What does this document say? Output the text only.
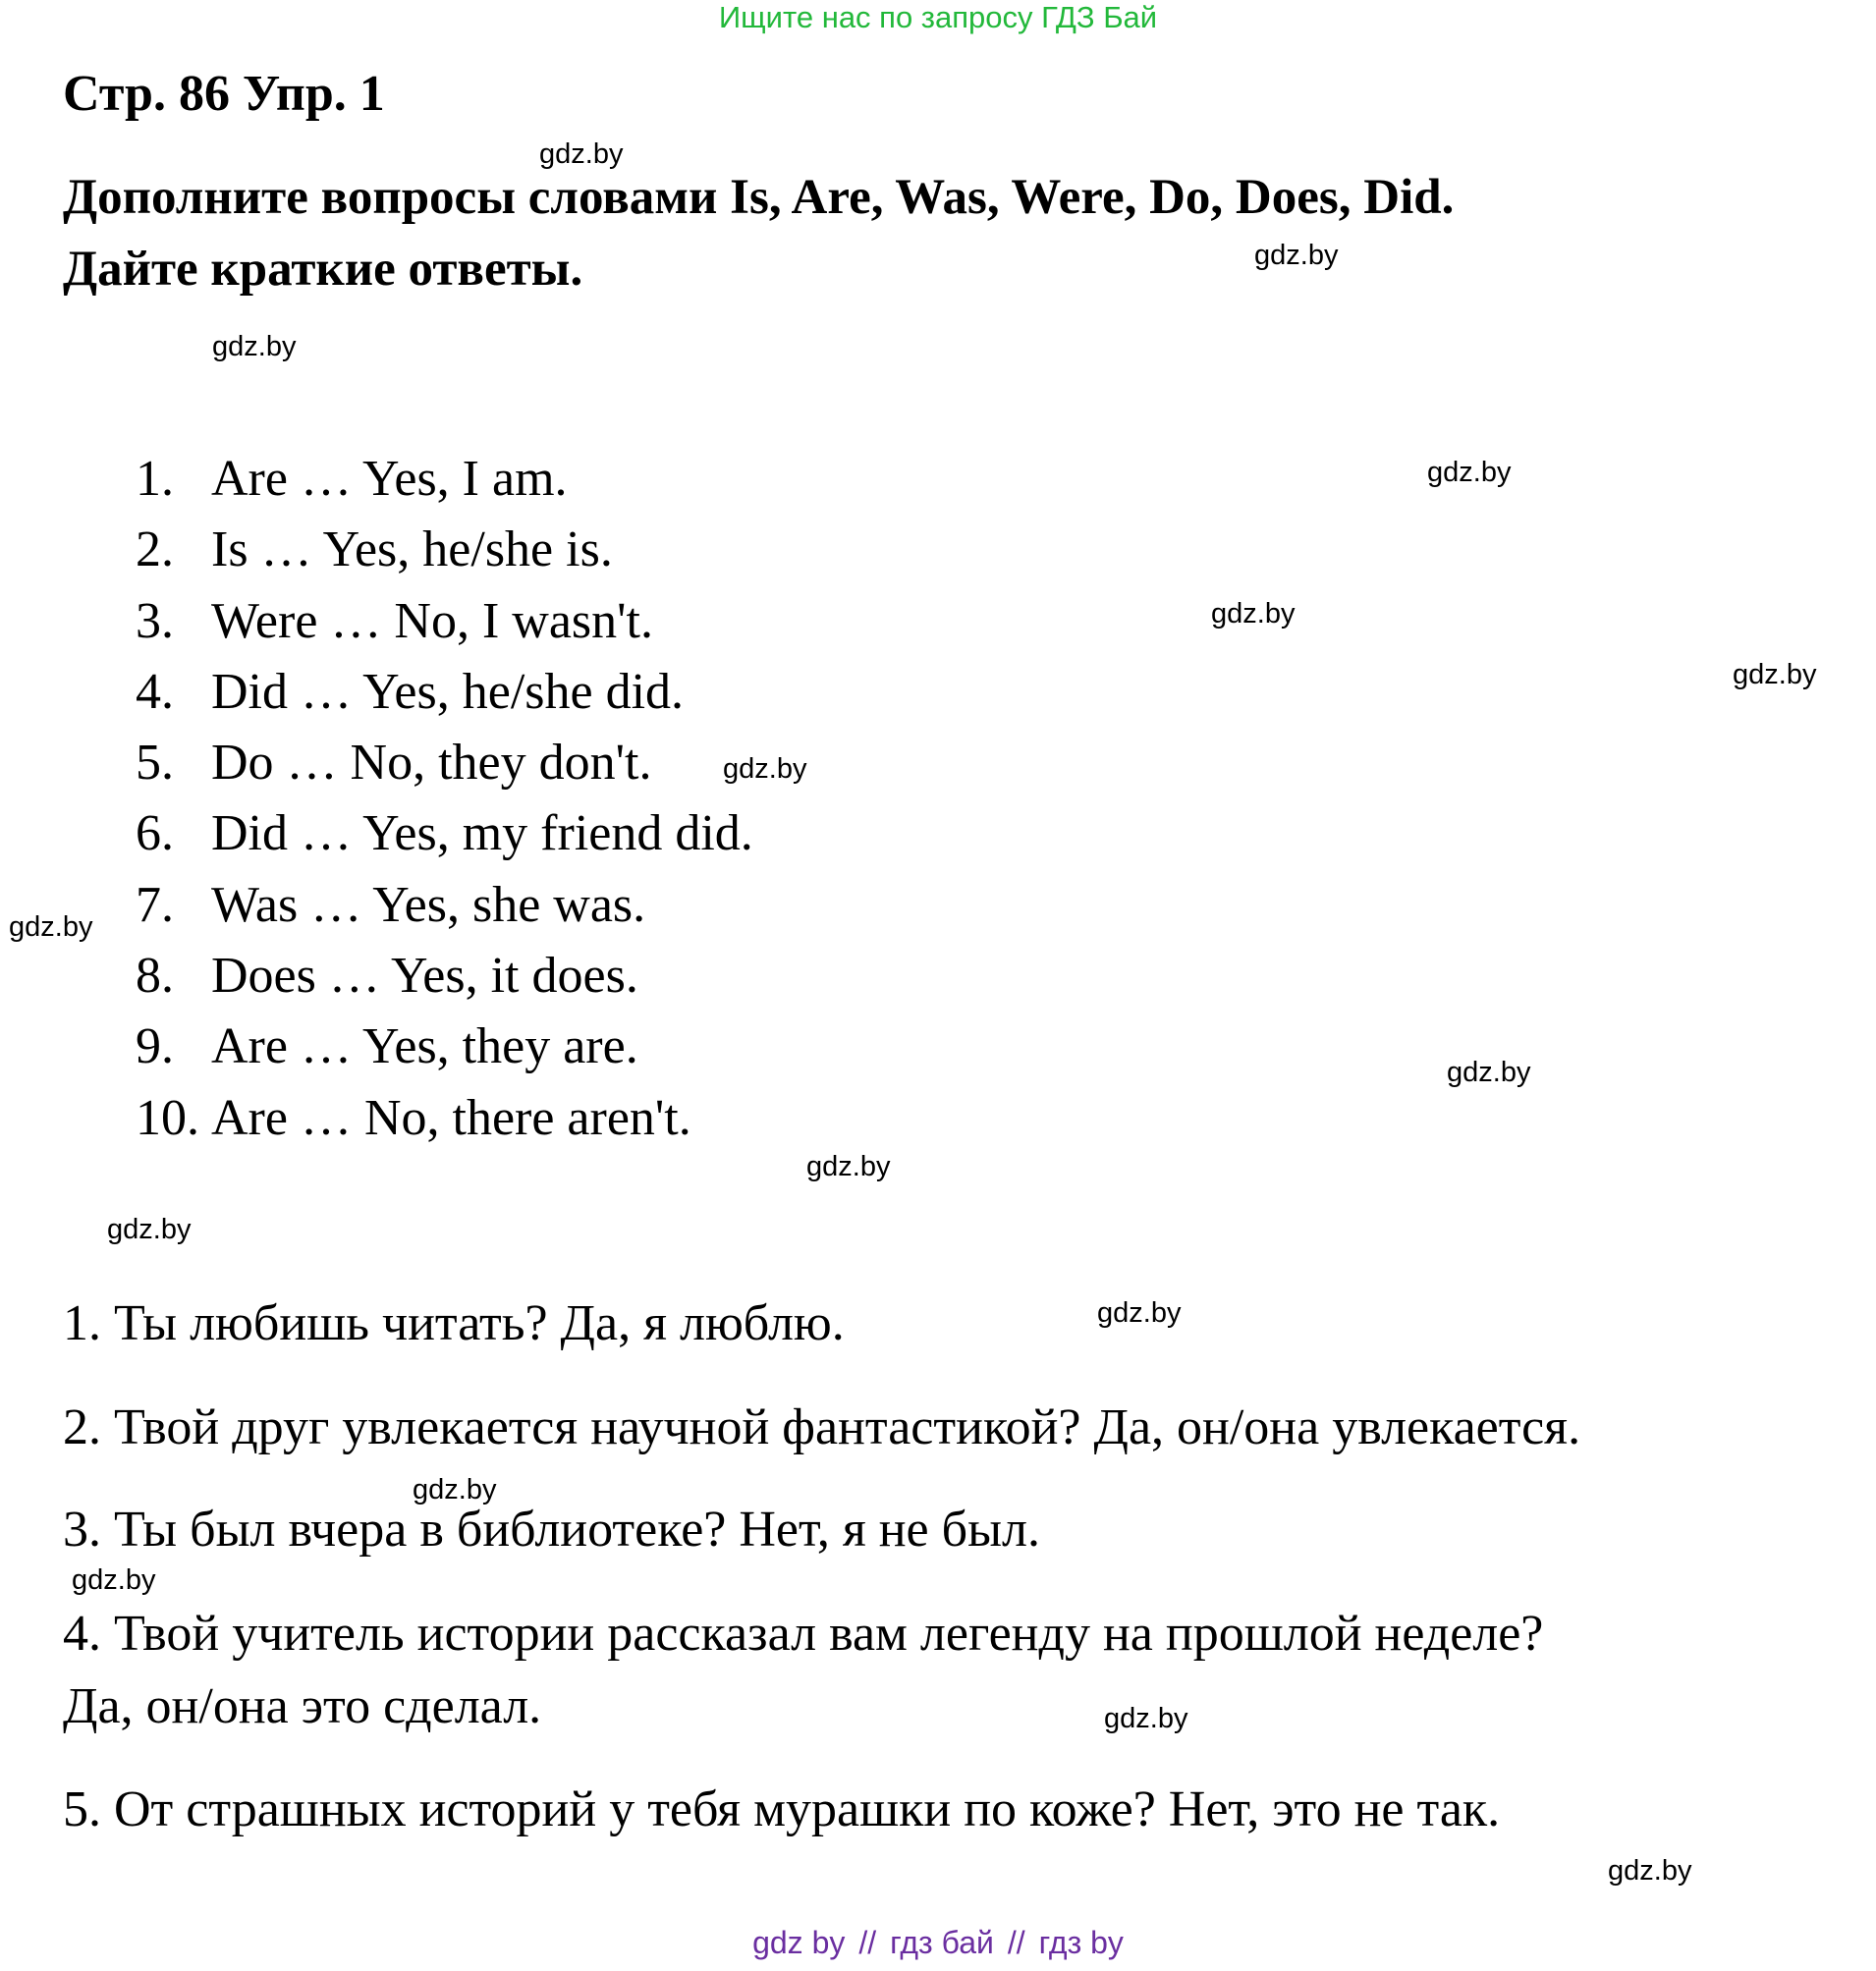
Ищите нас по запросу ГДЗ Бай
Стр. 86 Упр. 1
Дополните вопросы словами Is, Are, Was, Were, Do, Does, Did.
Дайте краткие ответы.
1. Are … Yes, I am.
2. Is … Yes, he/she is.
3. Were … No, I wasn't.
4. Did … Yes, he/she did.
5. Do … No, they don't.
6. Did … Yes, my friend did.
7. Was … Yes, she was.
8. Does … Yes, it does.
9. Are … Yes, they are.
10. Are … No, there aren't.
1. Ты любишь читать? Да, я люблю.
2. Твой друг увлекается научной фантастикой? Да, он/она увлекается.
3. Ты был вчера в библиотеке? Нет, я не был.
4. Твой учитель истории рассказал вам легенду на прошлой неделе?
Да, он/она это сделал.
5. От страшных историй у тебя мурашки по коже? Нет, это не так.
gdz.by
gdz.by
gdz.by
gdz.by
gdz.by
gdz.by
gdz.by
gdz.by
gdz.by
gdz.by
gdz.by
gdz.by
gdz.by
gdz.by
gdz.by
gdz.by
gdz by // гдз бай // гдз by
